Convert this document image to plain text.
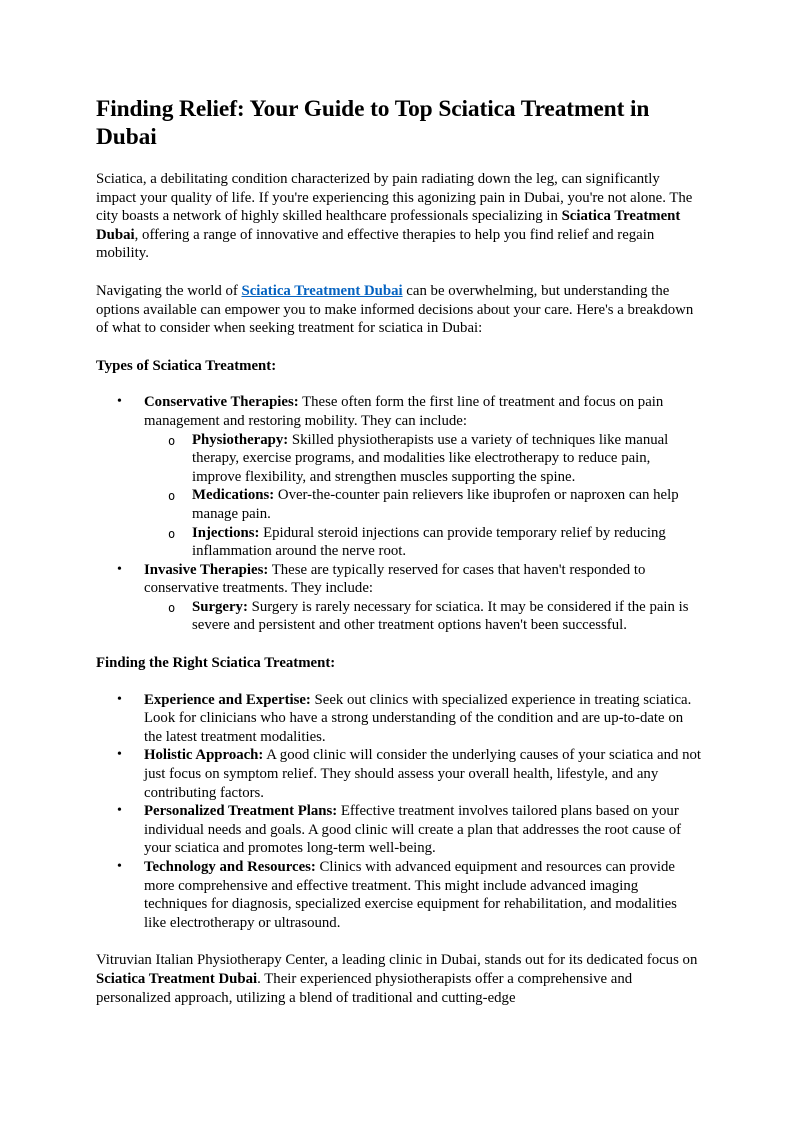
Finding Relief: Your Guide to Top Sciatica Treatment in Dubai

Sciatica, a debilitating condition characterized by pain radiating down the leg, can significantly impact your quality of life. If you're experiencing this agonizing pain in Dubai, you're not alone. The city boasts a network of highly skilled healthcare professionals specializing in Sciatica Treatment Dubai, offering a range of innovative and effective therapies to help you find relief and regain mobility.

Navigating the world of Sciatica Treatment Dubai can be overwhelming, but understanding the options available can empower you to make informed decisions about your care. Here's a breakdown of what to consider when seeking treatment for sciatica in Dubai:

Types of Sciatica Treatment:
• Conservative Therapies: These often form the first line of treatment and focus on pain management and restoring mobility. They can include:
o Physiotherapy: Skilled physiotherapists use a variety of techniques like manual therapy, exercise programs, and modalities like electrotherapy to reduce pain, improve flexibility, and strengthen muscles supporting the spine.
o Medications: Over-the-counter pain relievers like ibuprofen or naproxen can help manage pain.
o Injections: Epidural steroid injections can provide temporary relief by reducing inflammation around the nerve root.
• Invasive Therapies: These are typically reserved for cases that haven't responded to conservative treatments. They include:
o Surgery: Surgery is rarely necessary for sciatica. It may be considered if the pain is severe and persistent and other treatment options haven't been successful.
Finding the Right Sciatica Treatment:
• Experience and Expertise: Seek out clinics with specialized experience in treating sciatica. Look for clinicians who have a strong understanding of the condition and are up-to-date on the latest treatment modalities.
• Holistic Approach: A good clinic will consider the underlying causes of your sciatica and not just focus on symptom relief. They should assess your overall health, lifestyle, and any contributing factors.
• Personalized Treatment Plans: Effective treatment involves tailored plans based on your individual needs and goals. A good clinic will create a plan that addresses the root cause of your sciatica and promotes long-term well-being.
• Technology and Resources: Clinics with advanced equipment and resources can provide more comprehensive and effective treatment. This might include advanced imaging techniques for diagnosis, specialized exercise equipment for rehabilitation, and modalities like electrotherapy or ultrasound.

Vitruvian Italian Physiotherapy Center, a leading clinic in Dubai, stands out for its dedicated focus on Sciatica Treatment Dubai. Their experienced physiotherapists offer a comprehensive and personalized approach, utilizing a blend of traditional and cutting-edge
